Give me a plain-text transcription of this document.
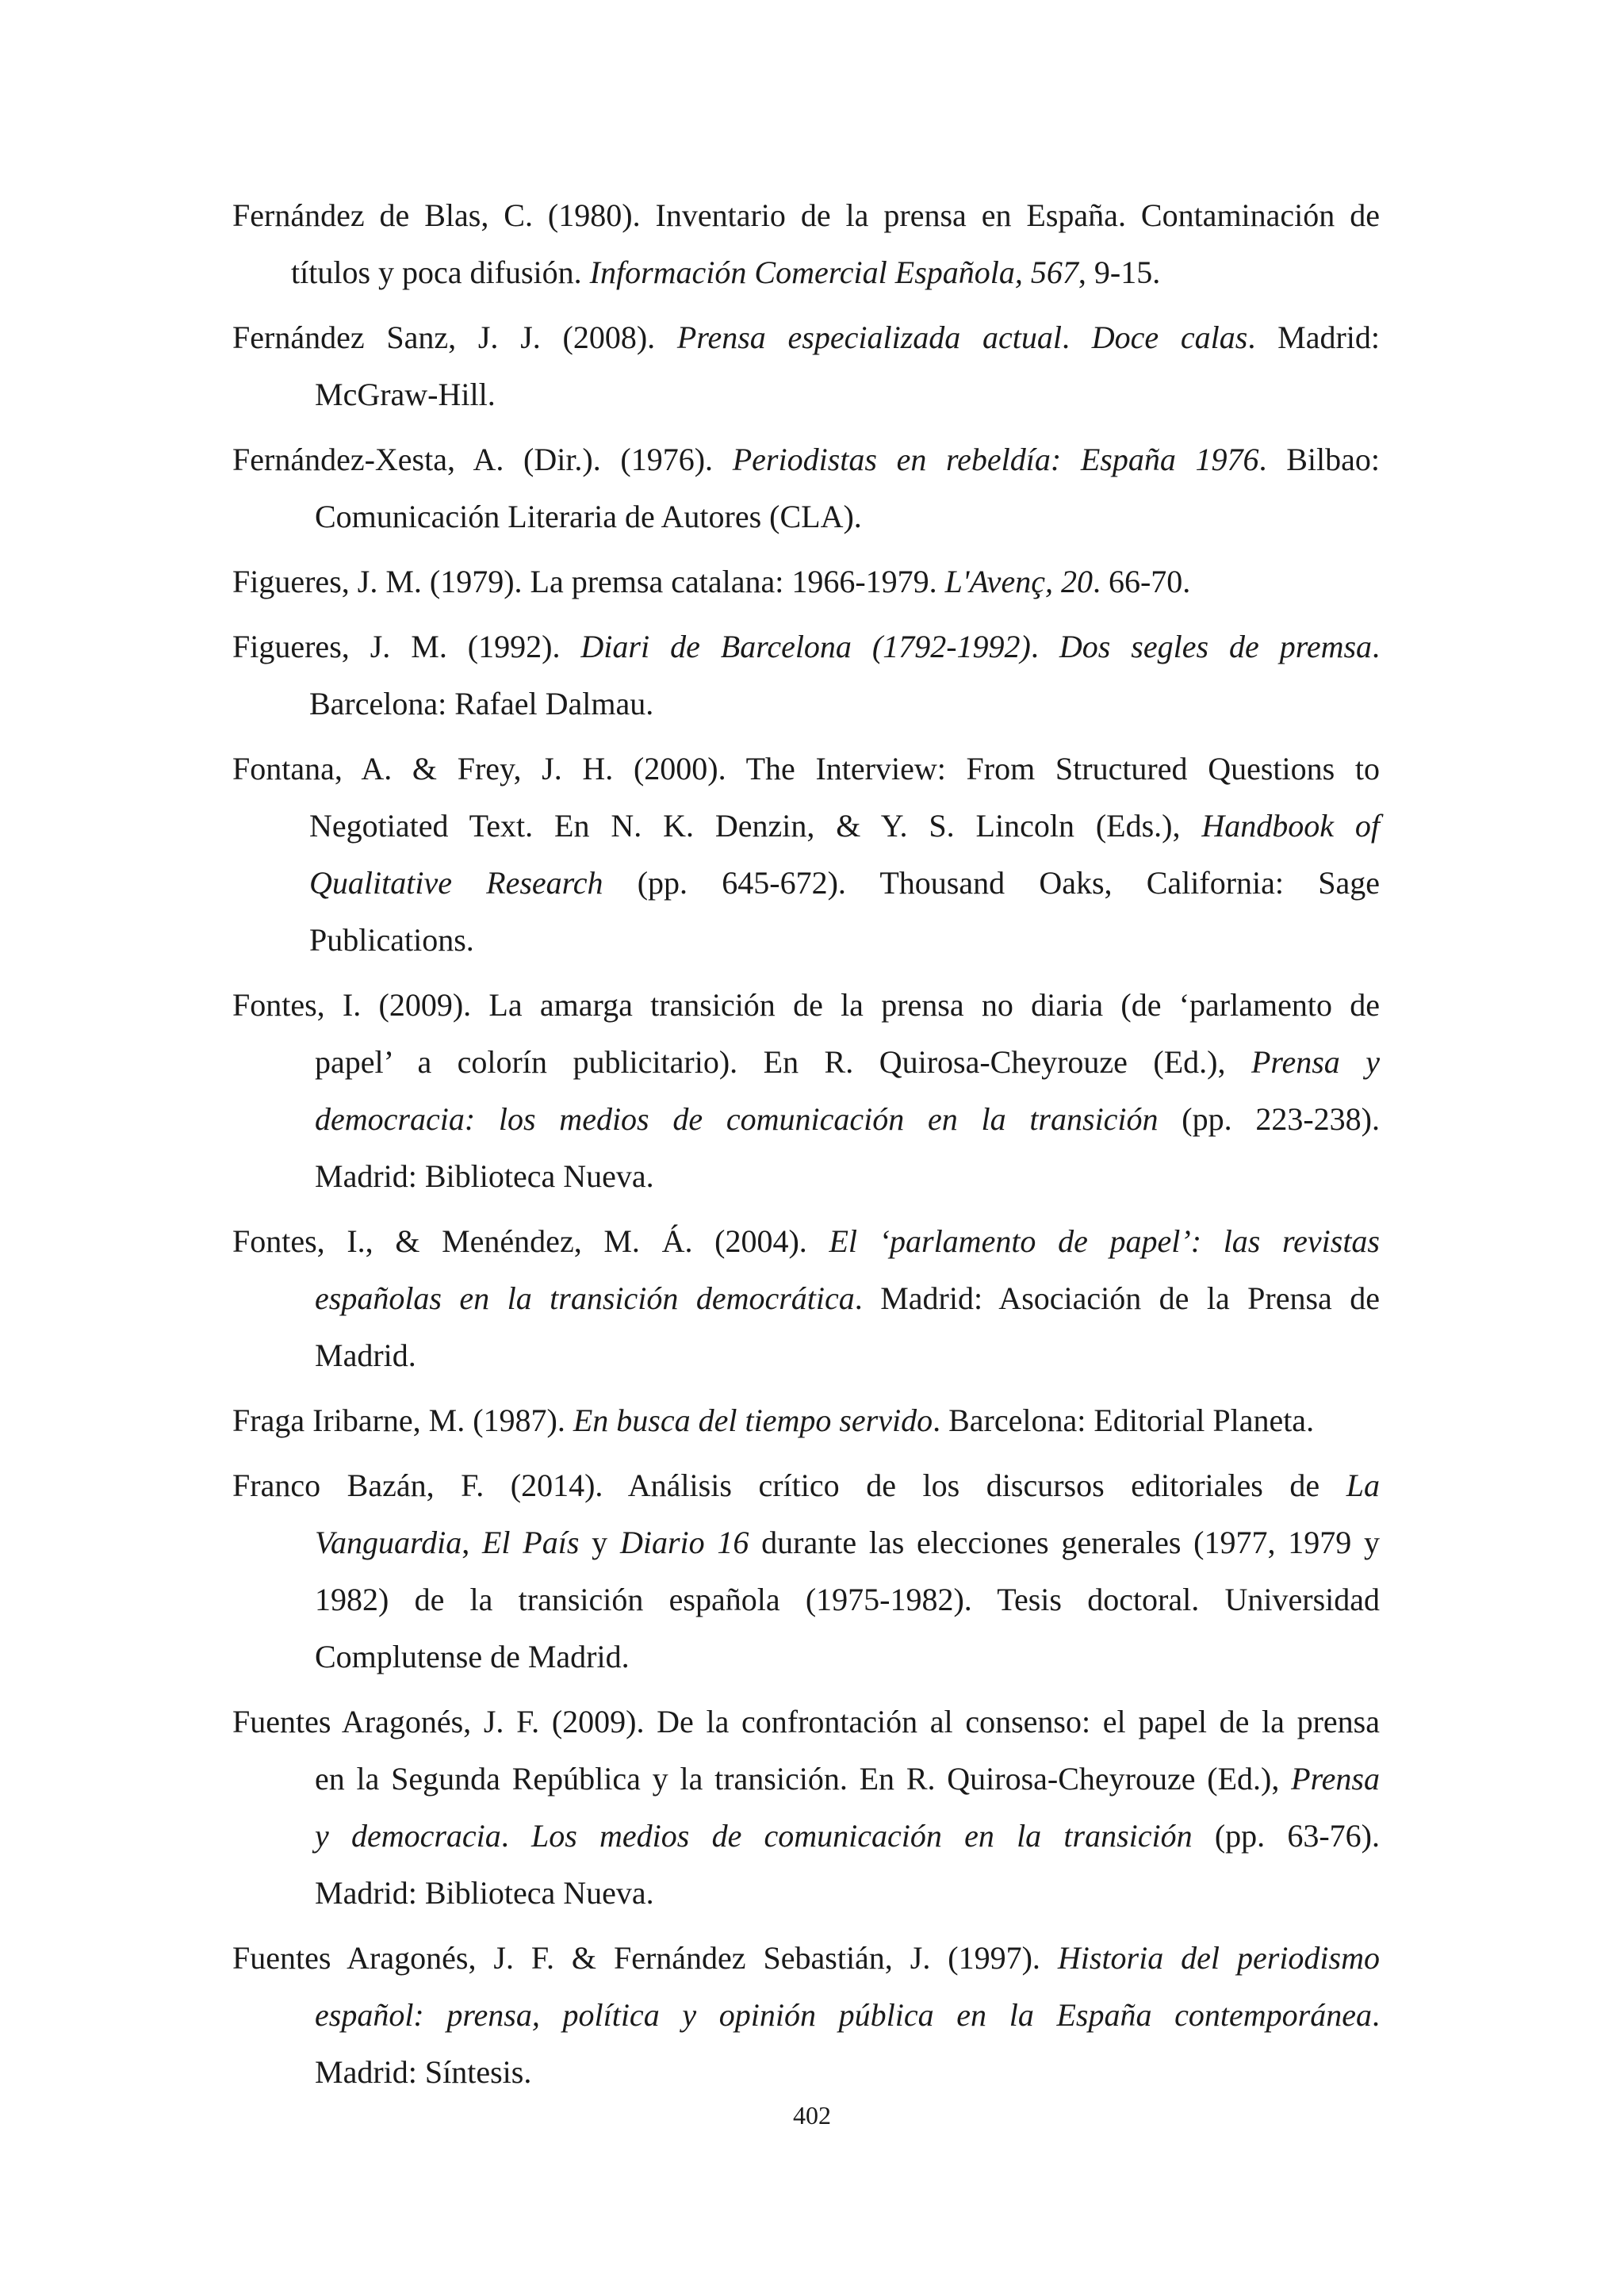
Fernández de Blas, C. (1980). Inventario de la prensa en España. Contaminación de
títulos y poca difusión. Información Comercial Española, 567, 9-15.
Fernández Sanz, J. J. (2008). Prensa especializada actual. Doce calas. Madrid:
McGraw-Hill.
Fernández-Xesta, A. (Dir.). (1976). Periodistas en rebeldía: España 1976. Bilbao:
Comunicación Literaria de Autores (CLA).
Figueres, J. M. (1979). La premsa catalana: 1966-1979. L'Avenç, 20. 66-70.
Figueres, J. M. (1992). Diari de Barcelona (1792-1992). Dos segles de premsa.
Barcelona: Rafael Dalmau.
Fontana, A. & Frey, J. H. (2000). The Interview: From Structured Questions to
Negotiated Text. En N. K. Denzin, & Y. S. Lincoln (Eds.), Handbook of
Qualitative Research (pp. 645-672). Thousand Oaks, California: Sage
Publications.
Fontes, I. (2009). La amarga transición de la prensa no diaria (de ‘parlamento de
papel’ a colorín publicitario). En R. Quirosa-Cheyrouze (Ed.), Prensa y
democracia: los medios de comunicación en la transición (pp. 223-238).
Madrid: Biblioteca Nueva.
Fontes, I., & Menéndez, M. Á. (2004). El ‘parlamento de papel’: las revistas
españolas en la transición democrática. Madrid: Asociación de la Prensa de
Madrid.
Fraga Iribarne, M. (1987). En busca del tiempo servido. Barcelona: Editorial Planeta.
Franco Bazán, F. (2014). Análisis crítico de los discursos editoriales de La
Vanguardia, El País y Diario 16 durante las elecciones generales (1977, 1979 y
1982) de la transición española (1975-1982). Tesis doctoral. Universidad
Complutense de Madrid.
Fuentes Aragonés, J. F. (2009). De la confrontación al consenso: el papel de la prensa
en la Segunda República y la transición. En R. Quirosa-Cheyrouze (Ed.), Prensa
y democracia. Los medios de comunicación en la transición (pp. 63-76).
Madrid: Biblioteca Nueva.
Fuentes Aragonés, J. F. & Fernández Sebastián, J. (1997). Historia del periodismo
español: prensa, política y opinión pública en la España contemporánea.
Madrid: Síntesis.
402
